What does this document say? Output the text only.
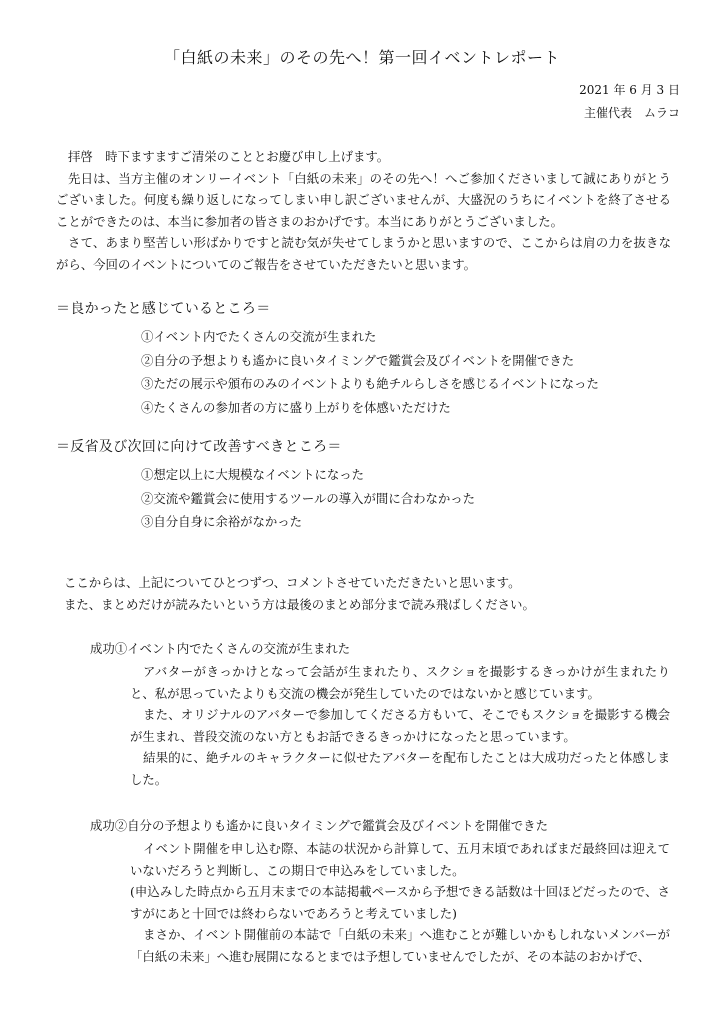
「白紙の未来」のその先へ！第一回イベントレポート
2021 年 6 月 3 日
主催代表　ムラコ

拝啓　時下ますますご清栄のこととお慶び申し上げます。

先日は、当方主催のオンリーイベント「白紙の未来」のその先へ！へご参加くださいまして誠にありがとうございました。何度も繰り返しになってしまい申し訳ございませんが、大盛況のうちにイベントを終了させることができたのは、本当に参加者の皆さまのおかげです。本当にありがとうございました。

さて、あまり堅苦しい形ばかりですと読む気が失せてしまうかと思いますので、ここからは肩の力を抜きながら、今回のイベントについてのご報告をさせていただきたいと思います。

＝良かったと感じているところ＝
①イベント内でたくさんの交流が生まれた
②自分の予想よりも遙かに良いタイミングで鑑賞会及びイベントを開催できた
③ただの展示や頒布のみのイベントよりも絶チルらしさを感じるイベントになった
④たくさんの参加者の方に盛り上がりを体感いただけた
＝反省及び次回に向けて改善すべきところ＝
①想定以上に大規模なイベントになった
②交流や鑑賞会に使用するツールの導入が間に合わなかった
③自分自身に余裕がなかった

ここからは、上記についてひとつずつ、コメントさせていただきたいと思います。

また、まとめだけが読みたいという方は最後のまとめ部分まで読み飛ばしください。

成功①イベント内でたくさんの交流が生まれた

アバターがきっかけとなって会話が生まれたり、スクショを撮影するきっかけが生まれたりと、私が思っていたよりも交流の機会が発生していたのではないかと感じています。

また、オリジナルのアバターで参加してくださる方もいて、そこでもスクショを撮影する機会が生まれ、普段交流のない方ともお話できるきっかけになったと思っています。

結果的に、絶チルのキャラクターに似せたアバターを配布したことは大成功だったと体感しました。

成功②自分の予想よりも遙かに良いタイミングで鑑賞会及びイベントを開催できた

イベント開催を申し込む際、本誌の状況から計算して、五月末頃であればまだ最終回は迎えていないだろうと判断し、この期日で申込みをしていました。

(申込みした時点から五月末までの本誌掲載ペースから予想できる話数は十回ほどだったので、さすがにあと十回では終わらないであろうと考えていました)

まさか、イベント開催前の本誌で「白紙の未来」へ進むことが難しいかもしれないメンバーが「白紙の未来」へ進む展開になるとまでは予想していませんでしたが、その本誌のおかげで、
